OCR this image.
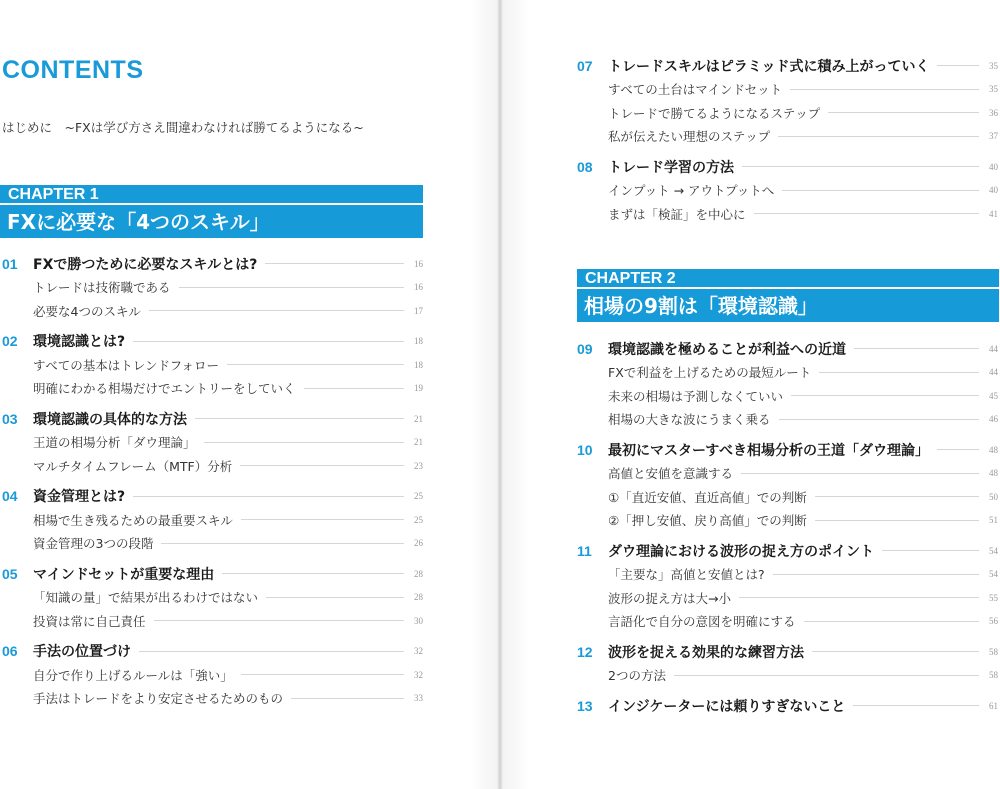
CONTENTS
はじめに　~FXは学び方さえ間違わなければ勝てるようになる~
CHAPTER 1
FXに必要な「4つのスキル」
01	FXで勝つために必要なスキルとは?	16
トレードは技術職である	16
必要な4つのスキル	17
02	環境認識とは?	18
すべての基本はトレンドフォロー	18
明確にわかる相場だけでエントリーをしていく	19
03	環境認識の具体的な方法	21
王道の相場分析「ダウ理論」	21
マルチタイムフレーム（MTF）分析	23
04	資金管理とは?	25
相場で生き残るための最重要スキル	25
資金管理の3つの段階	26
05	マインドセットが重要な理由	28
「知識の量」で結果が出るわけではない	28
投資は常に自己責任	30
06	手法の位置づけ	32
自分で作り上げるルールは「強い」	32
手法はトレードをより安定させるためのもの	33
07	トレードスキルはピラミッド式に積み上がっていく	35
すべての土台はマインドセット	35
トレードで勝てるようになるステップ	36
私が伝えたい理想のステップ	37
08	トレード学習の方法	40
インプット → アウトプットへ	40
まずは「検証」を中心に	41
CHAPTER 2
相場の9割は「環境認識」
09	環境認識を極めることが利益への近道	44
FXで利益を上げるための最短ルート	44
未来の相場は予測しなくていい	45
相場の大きな波にうまく乗る	46
10	最初にマスターすべき相場分析の王道「ダウ理論」	48
高値と安値を意識する	48
①「直近安値、直近高値」での判断	50
②「押し安値、戻り高値」での判断	51
11	ダウ理論における波形の捉え方のポイント	54
「主要な」高値と安値とは?	54
波形の捉え方は大→小	55
言語化で自分の意図を明確にする	56
12	波形を捉える効果的な練習方法	58
2つの方法	58
13	インジケーターには頼りすぎないこと	61
